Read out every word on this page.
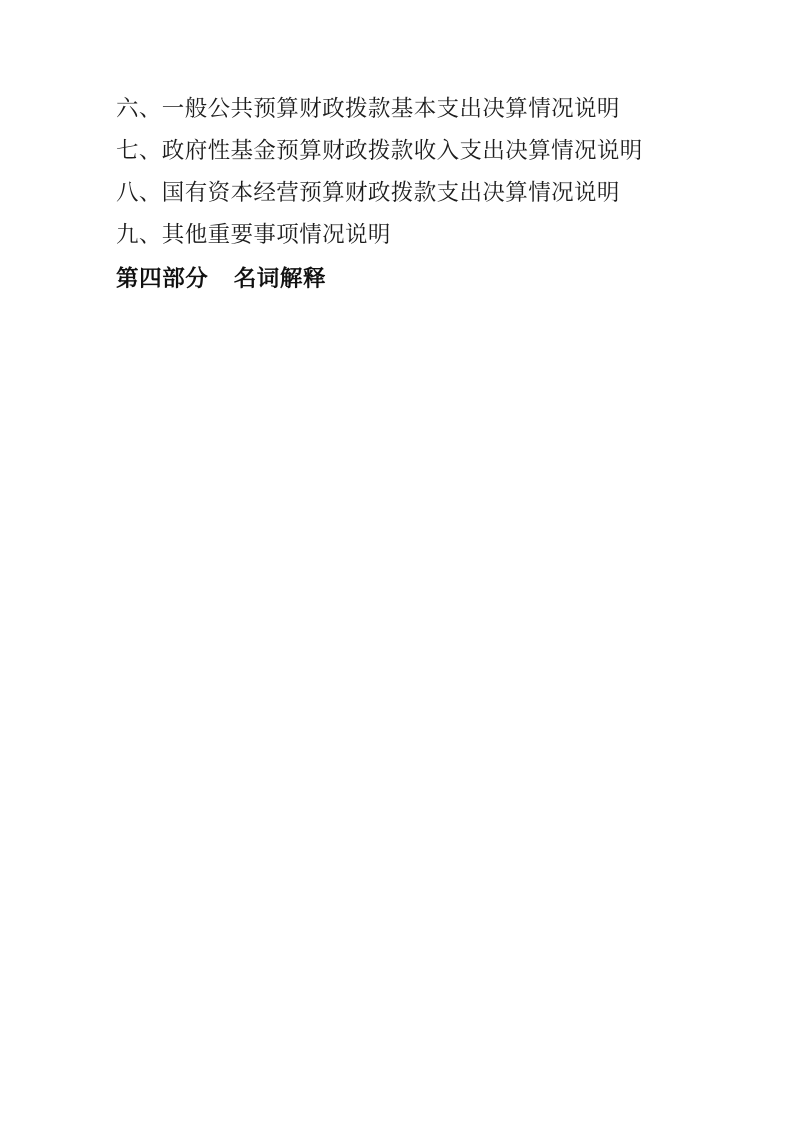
六、一般公共预算财政拨款基本支出决算情况说明
七、政府性基金预算财政拨款收入支出决算情况说明
八、国有资本经营预算财政拨款支出决算情况说明
九、其他重要事项情况说明
第四部分   名词解释
